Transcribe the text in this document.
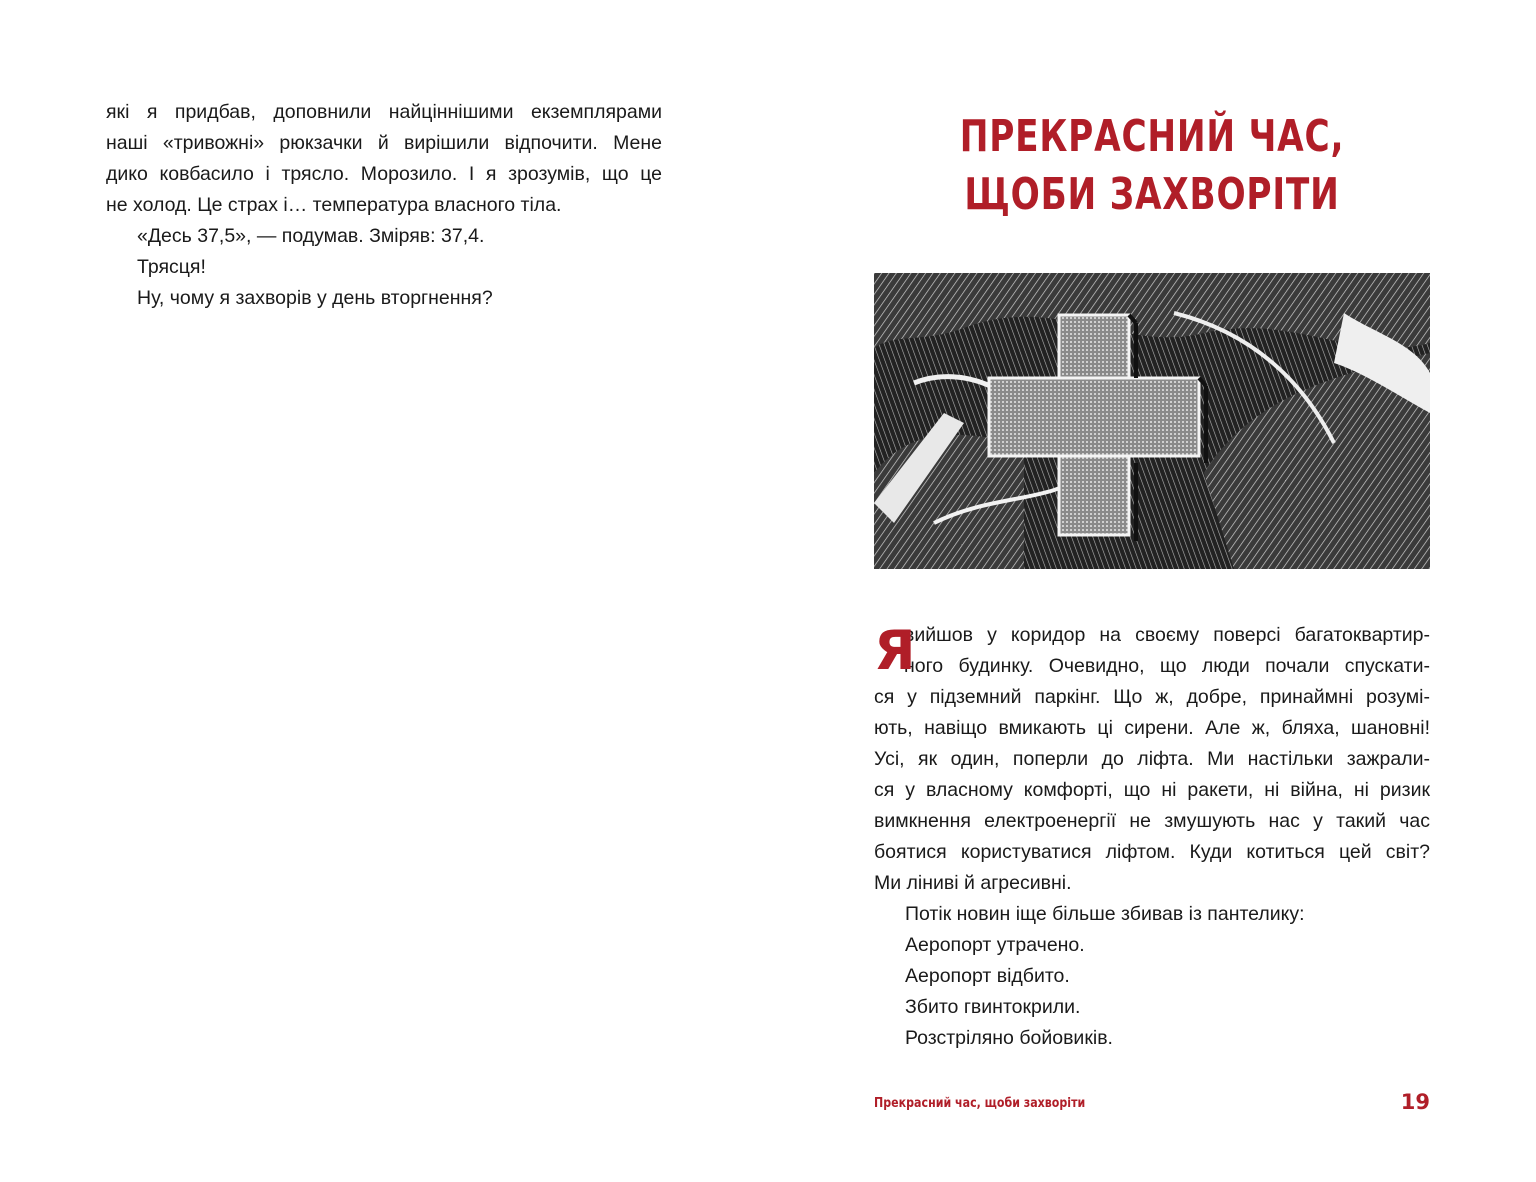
які я придбав, доповнили найціннішими екземплярами
наші «тривожні» рюкзачки й вирішили відпочити. Мене
дико ковбасило і трясло. Морозило. І я зрозумів, що це
не холод. Це страх і… температура власного тіла.
«Десь 37,5», — подумав. Зміряв: 37,4.
Трясця!
Ну, чому я захворів у день вторгнення?
ПРЕКРАСНИЙ ЧАС,
ЩОБИ ЗАХВОРІТИ
Я
вийшов у коридор на своєму поверсі багатоквартир-
ного будинку. Очевидно, що люди почали спускати-
ся у підземний паркінг. Що ж, добре, принаймні розумі-
ють, навіщо вмикають ці сирени. Але ж, бляха, шановні!
Усі, як один, поперли до ліфта. Ми настільки зажрали-
ся у власному комфорті, що ні ракети, ні війна, ні ризик
вимкнення електроенергії не змушують нас у такий час
боятися користуватися ліфтом. Куди котиться цей світ?
Ми ліниві й агресивні.
Потік новин іще більше збивав із пантелику:
Аеропорт утрачено.
Аеропорт відбито.
Збито гвинтокрили.
Розстріляно бойовиків.
Прекрасний час, щоби захворіти	19
